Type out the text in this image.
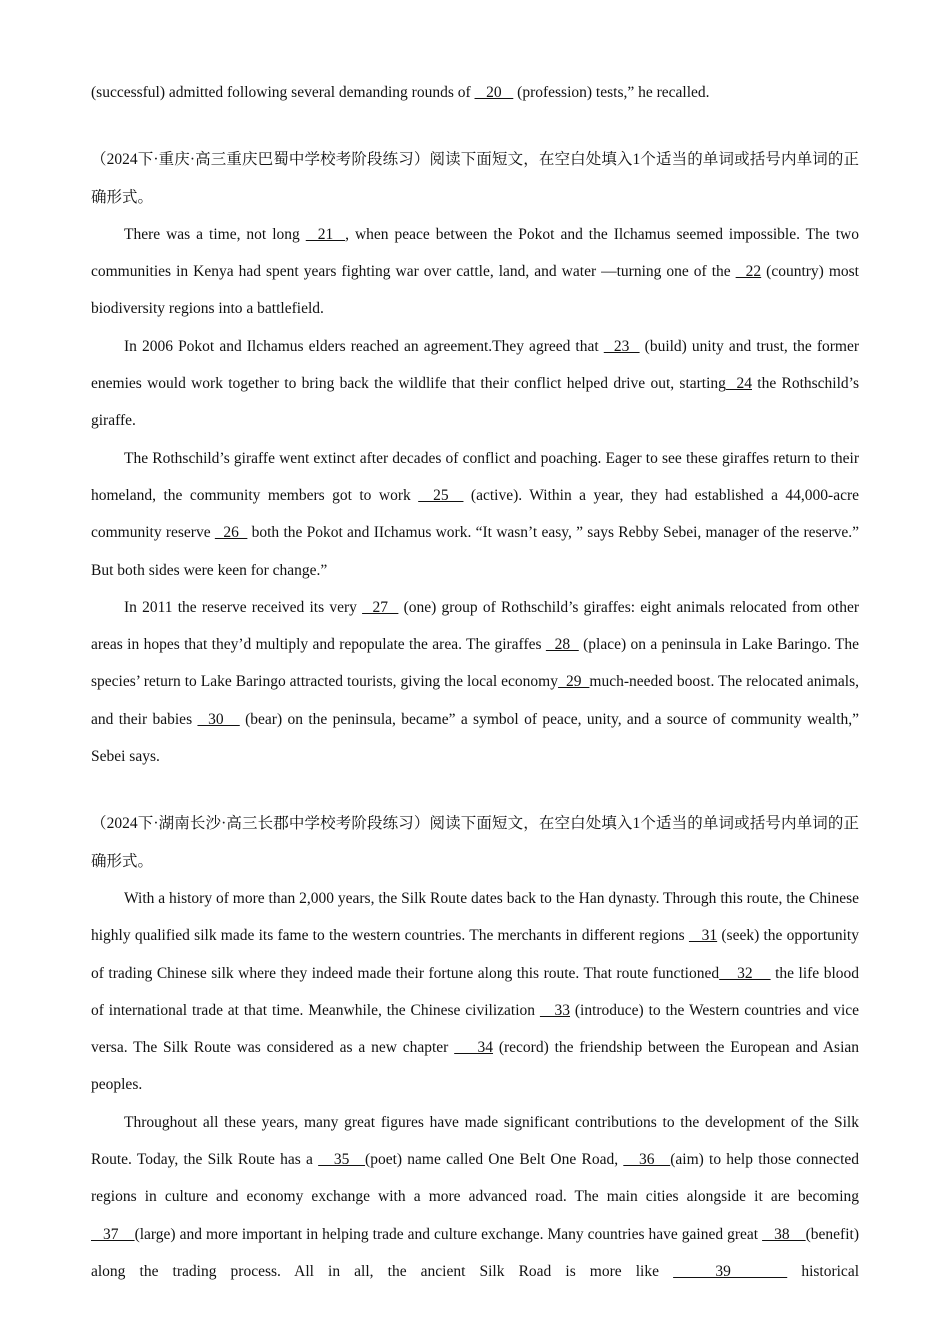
(successful) admitted following several demanding rounds of    20    (profession) tests,” he recalled.

（2024下·重庆·高三重庆巴蜀中学校考阶段练习）阅读下面短文，在空白处填入1个适当的单词或括号内单词的正确形式。

There was a time, not long   21  , when peace between the Pokot and the Ilchamus seemed impossible. The two communities in Kenya had spent years fighting war over cattle, land, and water —turning one of the   22 (country) most biodiversity regions into a battlefield.

In 2006 Pokot and Ilchamus elders reached an agreement.They agreed that   23   (build) unity and trust, the former enemies would work together to bring back the wildlife that their conflict helped drive out, starting  24 the Rothschild’s giraffe.

The Rothschild’s giraffe went extinct after decades of conflict and poaching. Eager to see these giraffes return to their homeland, the community members got to work   25   (active). Within a year, they had established a 44,000-acre community reserve   26   both the Pokot and IIchamus work. “It wasn’t easy, ” says Rebby Sebei, manager of the reserve.” But both sides were keen for change.”

In 2011 the reserve received its very   27   (one) group of Rothschild’s giraffes: eight animals relocated from other areas in hopes that they’d multiply and repopulate the area. The giraffes   28   (place) on a peninsula in Lake Baringo. The species’ return to Lake Baringo attracted tourists, giving the local economy  29  much-needed boost. The relocated animals, and their babies   30    (bear) on the peninsula, became” a symbol of peace, unity, and a source of community wealth,” Sebei says.

（2024下·湖南长沙·高三长郡中学校考阶段练习）阅读下面短文，在空白处填入1个适当的单词或括号内单词的正确形式。

With a history of more than 2,000 years, the Silk Route dates back to the Han dynasty. Through this route, the Chinese highly qualified silk made its fame to the western countries. The merchants in different regions    31 (seek) the opportunity of trading Chinese silk where they indeed made their fortune along this route. That route functioned    32     the life blood of international trade at that time. Meanwhile, the Chinese civilization    33 (introduce) to the Western countries and vice versa. The Silk Route was considered as a new chapter     34 (record) the friendship between the European and Asian peoples.

Throughout all these years, many great figures have made significant contributions to the development of the Silk Route. Today, the Silk Route has a    35   (poet) name called One Belt One Road,    36   (aim) to help those connected regions in culture and economy exchange with a more advanced road. The main cities alongside it are becoming    37    (large) and more important in helping trade and culture exchange. Many countries have gained great    38    (benefit) along the trading process. All in all, the ancient Silk Road is more like    39     historical
